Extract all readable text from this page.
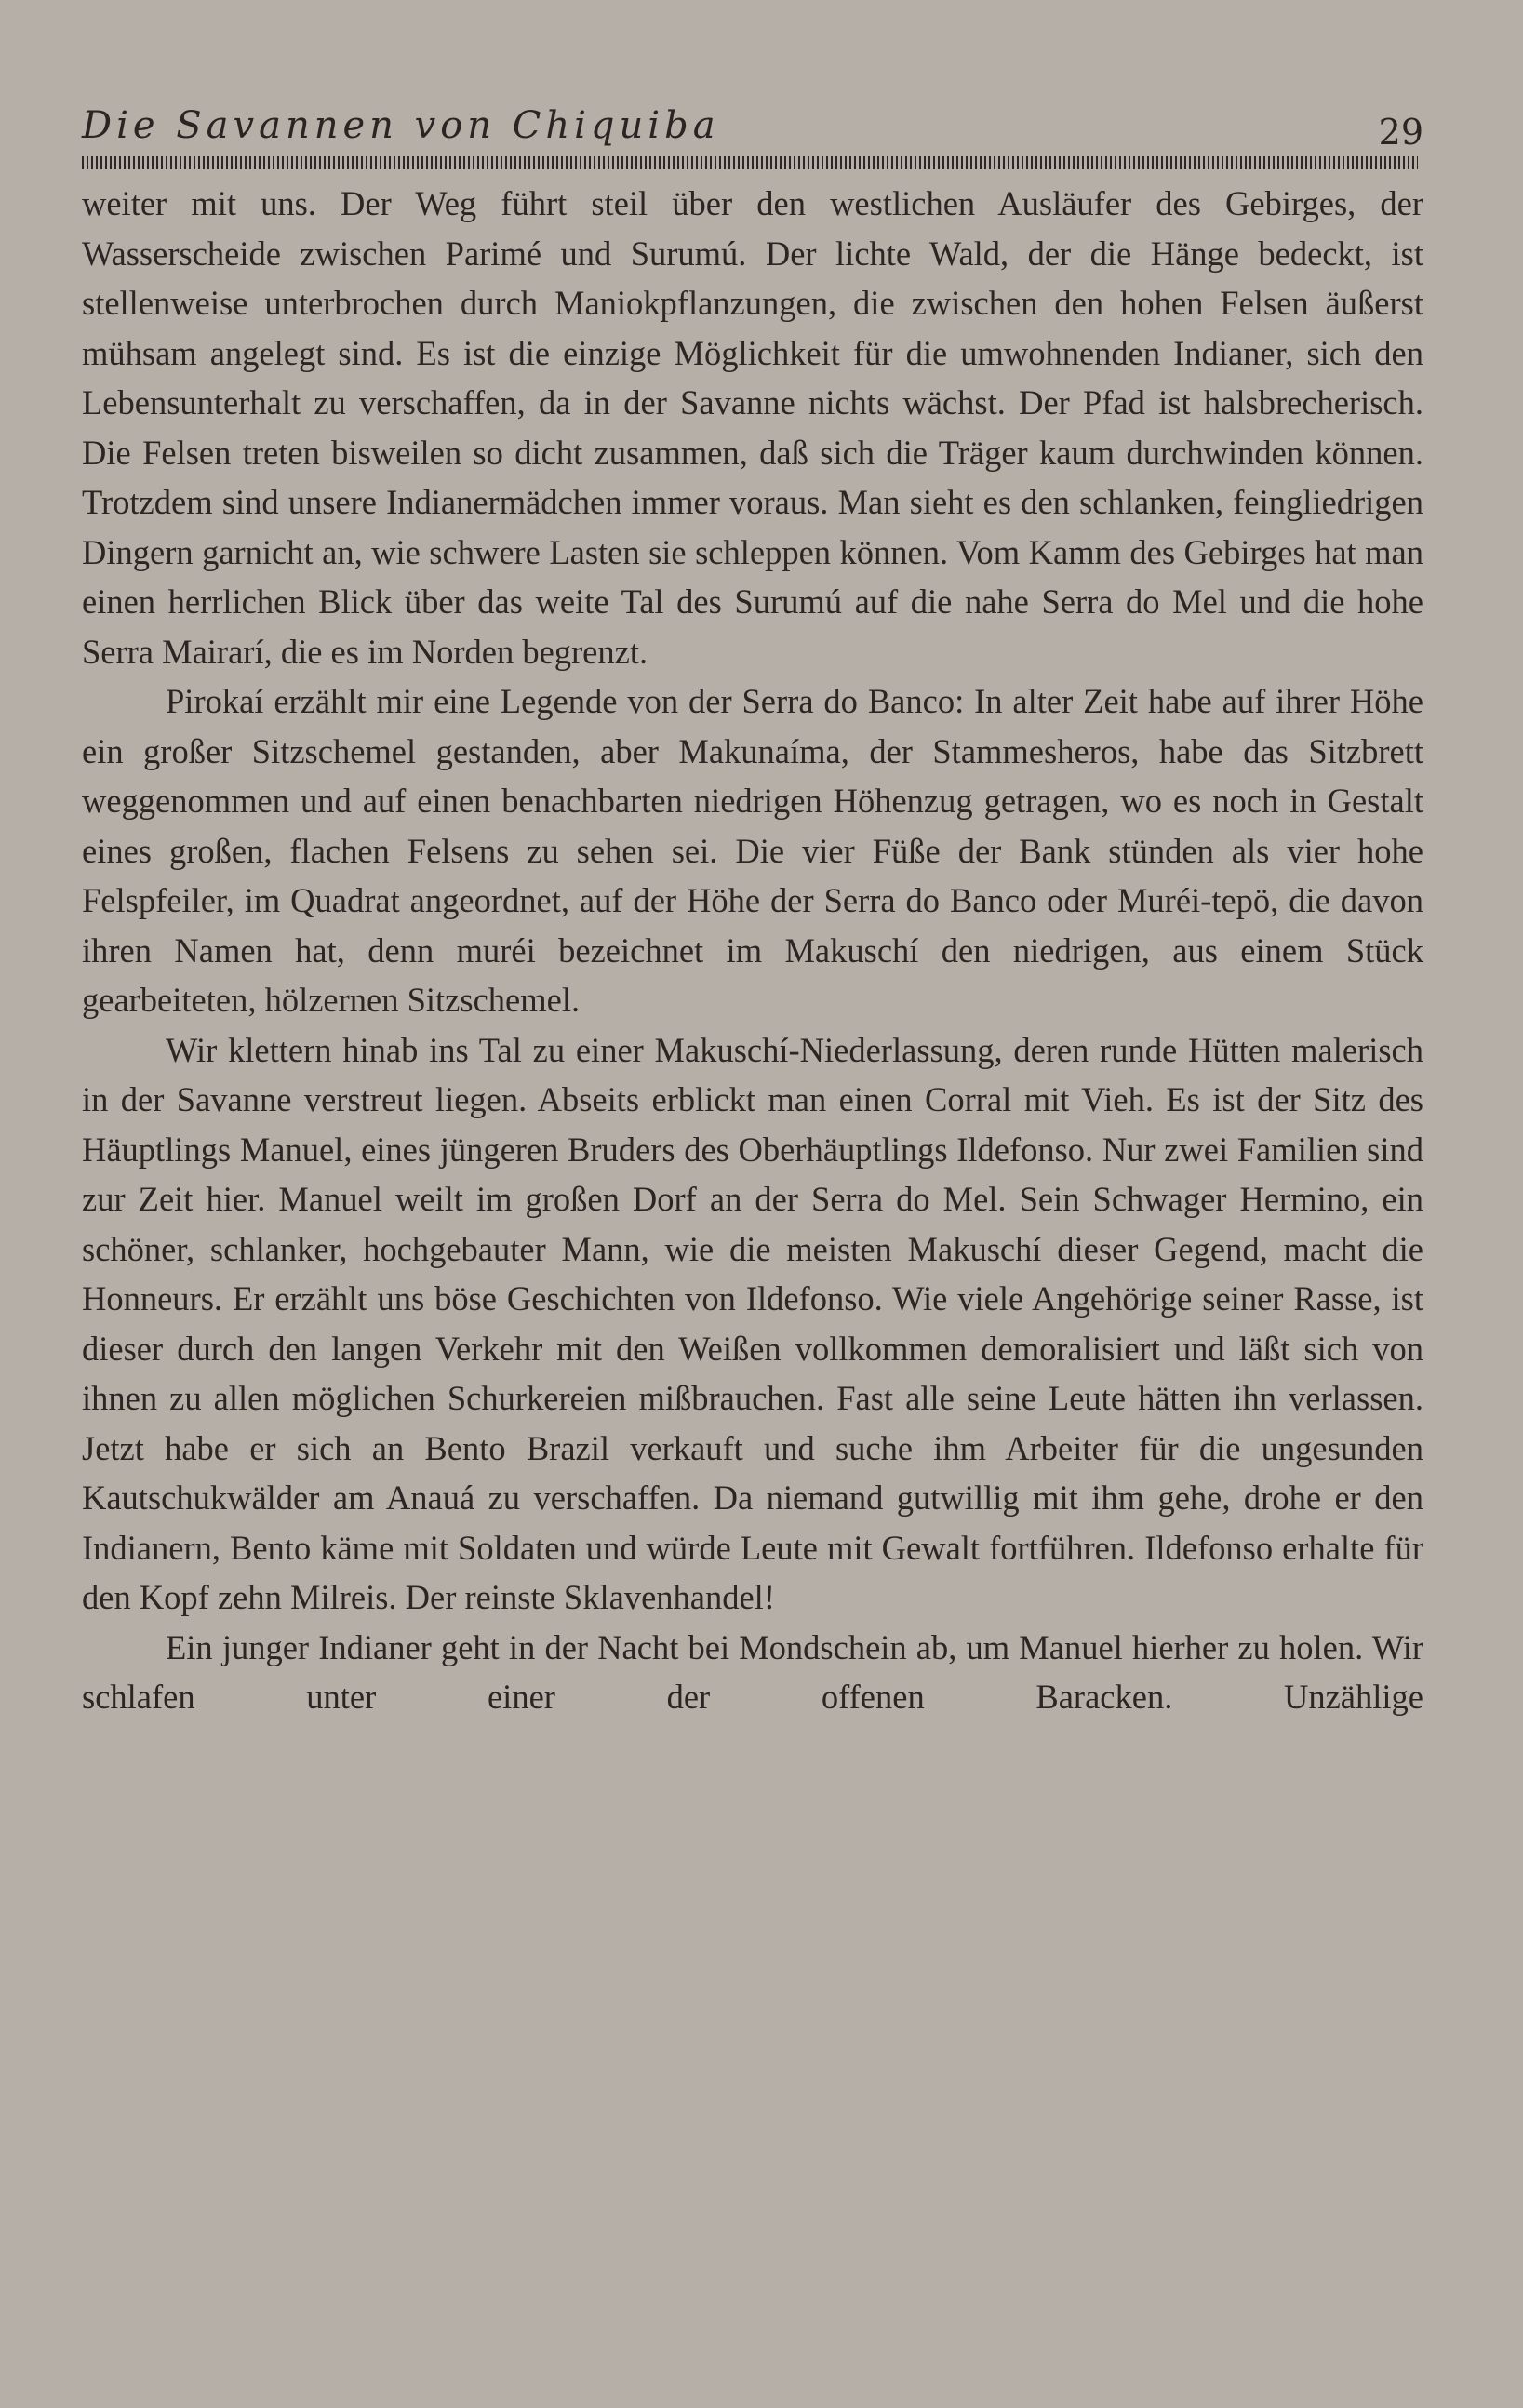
Die Savannen von Chiquiba	29

weiter mit uns. Der Weg führt steil über den westlichen Ausläufer des Gebirges, der Wasserscheide zwischen Parimé und Surumú. Der lichte Wald, der die Hänge bedeckt, ist stellenweise unterbrochen durch Maniokpflanzungen, die zwischen den hohen Felsen äußerst mühsam angelegt sind. Es ist die einzige Möglichkeit für die umwohnenden Indianer, sich den Lebensunterhalt zu verschaffen, da in der Savanne nichts wächst. Der Pfad ist halsbrecherisch. Die Felsen treten bisweilen so dicht zusammen, daß sich die Träger kaum durchwinden können. Trotzdem sind unsere Indianermädchen immer voraus. Man sieht es den schlanken, feingliedrigen Dingern garnicht an, wie schwere Lasten sie schleppen können. Vom Kamm des Gebirges hat man einen herrlichen Blick über das weite Tal des Surumú auf die nahe Serra do Mel und die hohe Serra Mairarí, die es im Norden begrenzt.

Pirokaí erzählt mir eine Legende von der Serra do Banco: In alter Zeit habe auf ihrer Höhe ein großer Sitzschemel gestanden, aber Makunaíma, der Stammesheros, habe das Sitzbrett weggenommen und auf einen benachbarten niedrigen Höhenzug getragen, wo es noch in Gestalt eines großen, flachen Felsens zu sehen sei. Die vier Füße der Bank stünden als vier hohe Felspfeiler, im Quadrat angeordnet, auf der Höhe der Serra do Banco oder Muréi-tepö, die davon ihren Namen hat, denn muréi bezeichnet im Makuschí den niedrigen, aus einem Stück gearbeiteten, hölzernen Sitzschemel.

Wir klettern hinab ins Tal zu einer Makuschí-Niederlassung, deren runde Hütten malerisch in der Savanne verstreut liegen. Abseits erblickt man einen Corral mit Vieh. Es ist der Sitz des Häuptlings Manuel, eines jüngeren Bruders des Oberhäuptlings Ildefonso. Nur zwei Familien sind zur Zeit hier. Manuel weilt im großen Dorf an der Serra do Mel. Sein Schwager Hermino, ein schöner, schlanker, hochgebauter Mann, wie die meisten Makuschí dieser Gegend, macht die Honneurs. Er erzählt uns böse Geschichten von Ildefonso. Wie viele Angehörige seiner Rasse, ist dieser durch den langen Verkehr mit den Weißen vollkommen demoralisiert und läßt sich von ihnen zu allen möglichen Schurkereien mißbrauchen. Fast alle seine Leute hätten ihn verlassen. Jetzt habe er sich an Bento Brazil verkauft und suche ihm Arbeiter für die ungesunden Kautschukwälder am Anauá zu verschaffen. Da niemand gutwillig mit ihm gehe, drohe er den Indianern, Bento käme mit Soldaten und würde Leute mit Gewalt fortführen. Ildefonso erhalte für den Kopf zehn Milreis. Der reinste Sklavenhandel!

Ein junger Indianer geht in der Nacht bei Mondschein ab, um Manuel hierher zu holen. Wir schlafen unter einer der offenen Baracken. Unzählige
